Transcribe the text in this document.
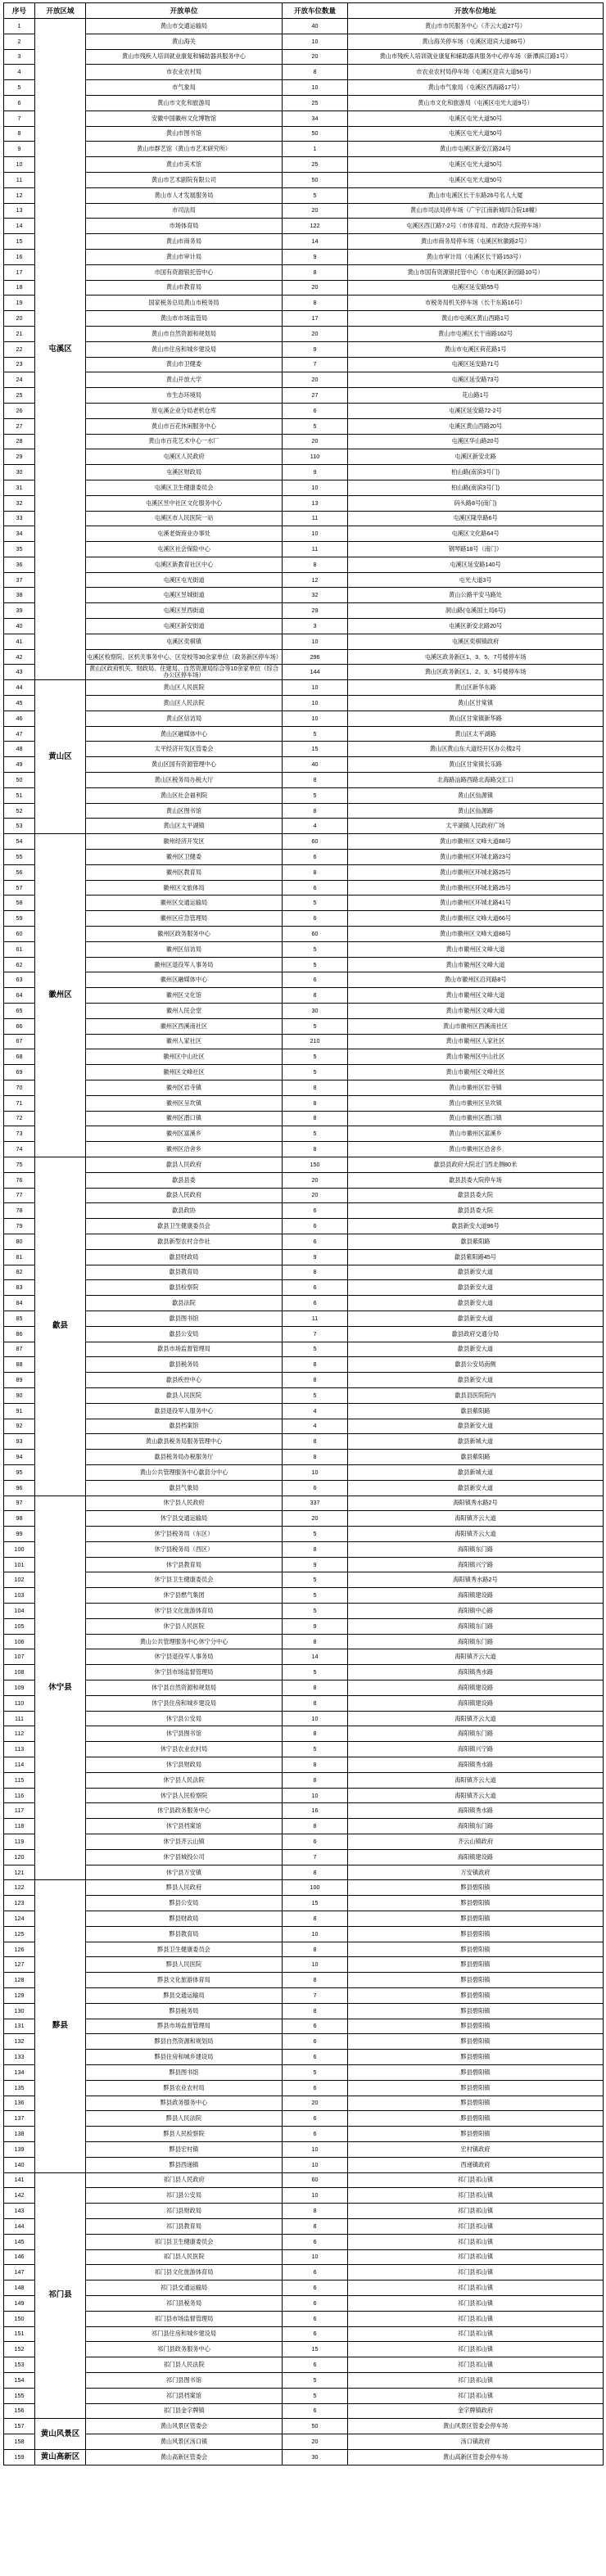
序号	开放区域	开放单位	开放车位数量	开放车位地址
1	屯溪区	黄山市交通运输局	40	黄山市市民服务中心（齐云大道27号）
2		黄山海关	10	黄山海关停车场（屯溪区迎宾大道86号）
3		黄山市残疾人培训就业康复和辅助器具服务中心	20	黄山市残疾人培训就业康复和辅助器具服务中心停车场（新潭滨江路1号）
4		市农业农村局	8	市农业农村局停车场（屯溪区迎宾大道56号）
5		市气象局	10	黄山市气象局（屯溪区西海路17号）
6		黄山市文化和旅游局	25	黄山市文化和旅游局（屯溪区屯光大道9号）
7		安徽中国徽州文化博物馆	34	屯溪区屯光大道50号
8		黄山市图书馆	50	屯溪区屯光大道50号
9		黄山市群艺馆（黄山市艺术研究所）	1	黄山市屯溪区新安江路24号
10		黄山市美术馆	25	屯溪区屯光大道50号
11		黄山市艺术剧院有限公司	50	屯溪区屯光大道50号
12		黄山市人才发展服务局	5	黄山市屯溪区长干东路26号名人大厦
13		市司法局	20	黄山市司法局停车场（广宇江南新城四合院18幢）
14		市场体育局	122	屯溪区西江路7-2号（市体育局、市政协大院停车场）
15		黄山市商务局	14	黄山市商务局停车场（屯溪区杭徽路2号）
16		黄山市审计局	9	黄山市审计局（屯溪区长干路153号）
17		市国有资源银托管中心	8	黄山市国有资源银托管中心（市屯溪区新园路10号）
18		黄山市教育局	20	屯溪区延安路55号
19		国家税务总局黄山市税务局	8	市税务局机关停车场（长干东路16号）
20		黄山市市场监管局	17	黄山市屯溪区黄山西路1号
21		黄山市自然资源和规划局	20	黄山市屯溪区长干南路162号
22		黄山市住房和城乡建设局	9	黄山市屯溪区荷花路1号
23		黄山市卫健委	7	屯溪区延安路71号
24		黄山开放大学	20	屯溪区延安路73号
25		市生态环境局	27	花山路1号
26		原屯溪企业分局老机仓库	6	屯溪区延安路72-2号
27		黄山市百花休闲服务中心	5	屯溪区黄山西路20号
28		黄山市百花艺术中心一水厂	20	屯溪区华山路20号
29		屯溪区人民政府	110	屯溪区新安北路
30		屯溪区财政局	9	柏山路(南滨3号门)
31		屯溪区卫生健康委员会	10	柏山路(南滨3号门)
32		屯溪区昱中社区文化服务中心	13	码头路8号(南门)
33		屯溪区市人民医院一站	11	屯溪区隆阜路6号
34		屯溪老街商业办事处	10	屯溪区文化路64号
35		屯溪区社会保险中心	11	钢琴路18号（南门）
36		屯溪区新教育社区中心	8	屯溪区延安路140号
37		屯溪区屯光街道	12	屯光大道3号
38		屯溪区昱城街道	32	黄山公路平安马路处
39		屯溪区昱西街道	29	洞山路(屯溪国土局6号)
40		屯溪区新安街道	3	屯溪区新安北路20号
41		屯溪区奕棋镇	10	屯溪区奕棋镇政府
42		屯溪区检察院、区机关事务中心、区党校等30余家单位（政务新区停车场）	296	屯溪区政务新区1、3、5、7号楼停车场
43		黄山区政府机关、财政局、住建局、自然资源局综合等10余家单位（综合办公区停车场）	144	黄山区政务新区1、2、3、5号楼停车场
44	黄山区	黄山区人民医院	10	黄山区新华东路
45		黄山区人民法院	10	黄山区甘棠镇
46		黄山区信访局	10	黄山区甘棠镇新华路
47		黄山区融媒体中心	5	黄山区太平湖路
48		太平经济开发区管委会	15	黄山区黄山东大道经开区办公楼2号
49		黄山区国有资源管理中心	40	黄山区甘棠镇长乐路
50		黄山区税务局办税大厅	8	北海路汕路西路北海路交汇口
51		黄山区社会福利院	5	黄山区仙源镇
52		黄山区图书馆	8	黄山区仙源路
53		黄山区太平湖镇	4	太平湖镇人民政府广场
54	徽州区	徽州经济开发区	60	黄山市徽州区文峰大道88号
55		徽州区卫健委	6	黄山市徽州区环城北路23号
56		徽州区教育局	8	黄山市徽州区环城北路25号
57		徽州区文旅体局	6	黄山市徽州区环城北路25号
58		徽州区交通运输局	5	黄山市徽州区环城北路41号
59		徽州区应急管理局	6	黄山市徽州区文峰大道66号
60		徽州区政务服务中心	60	黄山市徽州区文峰大道88号
61		徽州区信访局	5	黄山市徽州区文峰大道
62		徽州区退役军人事务局	5	黄山市徽州区文峰大道
63		徽州区融媒体中心	6	黄山市徽州区沿河路8号
64		徽州区文化馆	8	黄山市徽州区文峰大道
65		徽州人民会堂	30	黄山市徽州区文峰大道
66		徽州区西溪南社区	5	黄山市徽州区西溪南社区
67		徽州人家社区	210	黄山市徽州区人家社区
68		徽州区中山社区	5	黄山市徽州区中山社区
69		徽州区文峰社区	5	黄山市徽州区文峰社区
70		徽州区岩寺镇	8	黄山市徽州区岩寺镇
71		徽州区呈坎镇	8	黄山市徽州区呈坎镇
72		徽州区潜口镇	8	黄山市徽州区潜口镇
73		徽州区富溪乡	5	黄山市徽州区富溪乡
74		徽州区洽舍乡	8	黄山市徽州区洽舍乡
75	歙县	歙县人民政府	150	歙县县政府大院北门西北侧80米
76		歙县县委	20	歙县县委大院停车场
77		歙县人民政府	20	歙县县委大院
78		歙县政协	6	歙县县委大院
79		歙县卫生健康委员会	6	歙县新安大道96号
80		歙县新型农村合作社	6	歙县紫阳路
81		歙县财政局	9	歙县紫阳路45号
82		歙县教育局	8	歙县新安大道
83		歙县检察院	6	歙县新安大道
84		歙县法院	6	歙县新安大道
85		歙县图书馆	11	歙县新安大道
86		歙县公安局	7	歙县政府交通分局
87		歙县市场监督管理局	5	歙县新安大道
88		歙县税务局	8	歙县公安局南侧
89		歙县疾控中心	8	歙县新安大道
90		歙县人民医院	5	歙县县医院院内
91		歙县退役军人服务中心	4	歙县紫阳路
92		歙县档案馆	4	歙县新安大道
93		黄山歙县税务局服务管理中心	8	歙县新城大道
94		歙县税务局办税服务厅	8	歙县紫阳路
95		黄山公共管理服务中心歙县分中心	10	歙县新城大道
96		歙县气象局	6	歙县新安大道
97	休宁县	休宁县人民政府	337	海阳镇秀水路2号
98		休宁县交通运输局	20	海阳镇齐云大道
99		休宁县税务局（东区）	5	海阳镇齐云大道
100		休宁县税务局（西区）	8	海阳镇东门路
101		休宁县教育局	9	海阳镇兴宁路
102		休宁县卫生健康委员会	5	海阳镇秀水路2号
103		休宁县燃气集团	5	海阳镇建设路
104		休宁县文化旅游体育局	5	海阳镇中心路
105		休宁县人民医院	9	海阳镇东门路
106		黄山公共管理服务中心休宁分中心	8	海阳镇东门路
107		休宁县退役军人事务局	14	海阳镇齐云大道
108		休宁县市场监督管理局	5	海阳镇秀水路
109		休宁县自然资源和规划局	8	海阳镇建设路
110		休宁县住房和城乡建设局	8	海阳镇建设路
111		休宁县公安局	10	海阳镇齐云大道
112		休宁县图书馆	8	海阳镇东门路
113		休宁县农业农村局	5	海阳镇兴宁路
114		休宁县财政局	8	海阳镇秀水路
115		休宁县人民法院	8	海阳镇齐云大道
116		休宁县人民检察院	10	海阳镇齐云大道
117		休宁县政务服务中心	16	海阳镇秀水路
118		休宁县档案馆	8	海阳镇东门路
119		休宁县齐云山镇	6	齐云山镇政府
120		休宁县城投公司	7	海阳镇建设路
121		休宁县万安镇	8	万安镇政府
122	黟县	黟县人民政府	100	黟县碧阳镇
123		黟县公安局	15	黟县碧阳镇
124		黟县财政局	8	黟县碧阳镇
125		黟县教育局	10	黟县碧阳镇
126		黟县卫生健康委员会	8	黟县碧阳镇
127		黟县人民医院	10	黟县碧阳镇
128		黟县文化旅游体育局	8	黟县碧阳镇
129		黟县交通运输局	7	黟县碧阳镇
130		黟县税务局	8	黟县碧阳镇
131		黟县市场监督管理局	6	黟县碧阳镇
132		黟县自然资源和规划局	6	黟县碧阳镇
133		黟县住房和城乡建设局	6	黟县碧阳镇
134		黟县图书馆	5	黟县碧阳镇
135		黟县农业农村局	6	黟县碧阳镇
136		黟县政务服务中心	20	黟县碧阳镇
137		黟县人民法院	6	黟县碧阳镇
138		黟县人民检察院	6	黟县碧阳镇
139		黟县宏村镇	10	宏村镇政府
140		黟县西递镇	10	西递镇政府
141	祁门县	祁门县人民政府	60	祁门县祁山镇
142		祁门县公安局	10	祁门县祁山镇
143		祁门县财政局	8	祁门县祁山镇
144		祁门县教育局	8	祁门县祁山镇
145		祁门县卫生健康委员会	6	祁门县祁山镇
146		祁门县人民医院	10	祁门县祁山镇
147		祁门县文化旅游体育局	6	祁门县祁山镇
148		祁门县交通运输局	6	祁门县祁山镇
149		祁门县税务局	6	祁门县祁山镇
150		祁门县市场监督管理局	6	祁门县祁山镇
151		祁门县住房和城乡建设局	6	祁门县祁山镇
152		祁门县政务服务中心	15	祁门县祁山镇
153		祁门县人民法院	6	祁门县祁山镇
154		祁门县图书馆	5	祁门县祁山镇
155		祁门县档案馆	5	祁门县祁山镇
156		祁门县金字牌镇	6	金字牌镇政府
157	黄山风景区	黄山风景区管委会	50	黄山风景区管委会停车场
158		黄山风景区汤口镇	20	汤口镇政府
159	黄山高新区	黄山高新区管委会	30	黄山高新区管委会停车场
